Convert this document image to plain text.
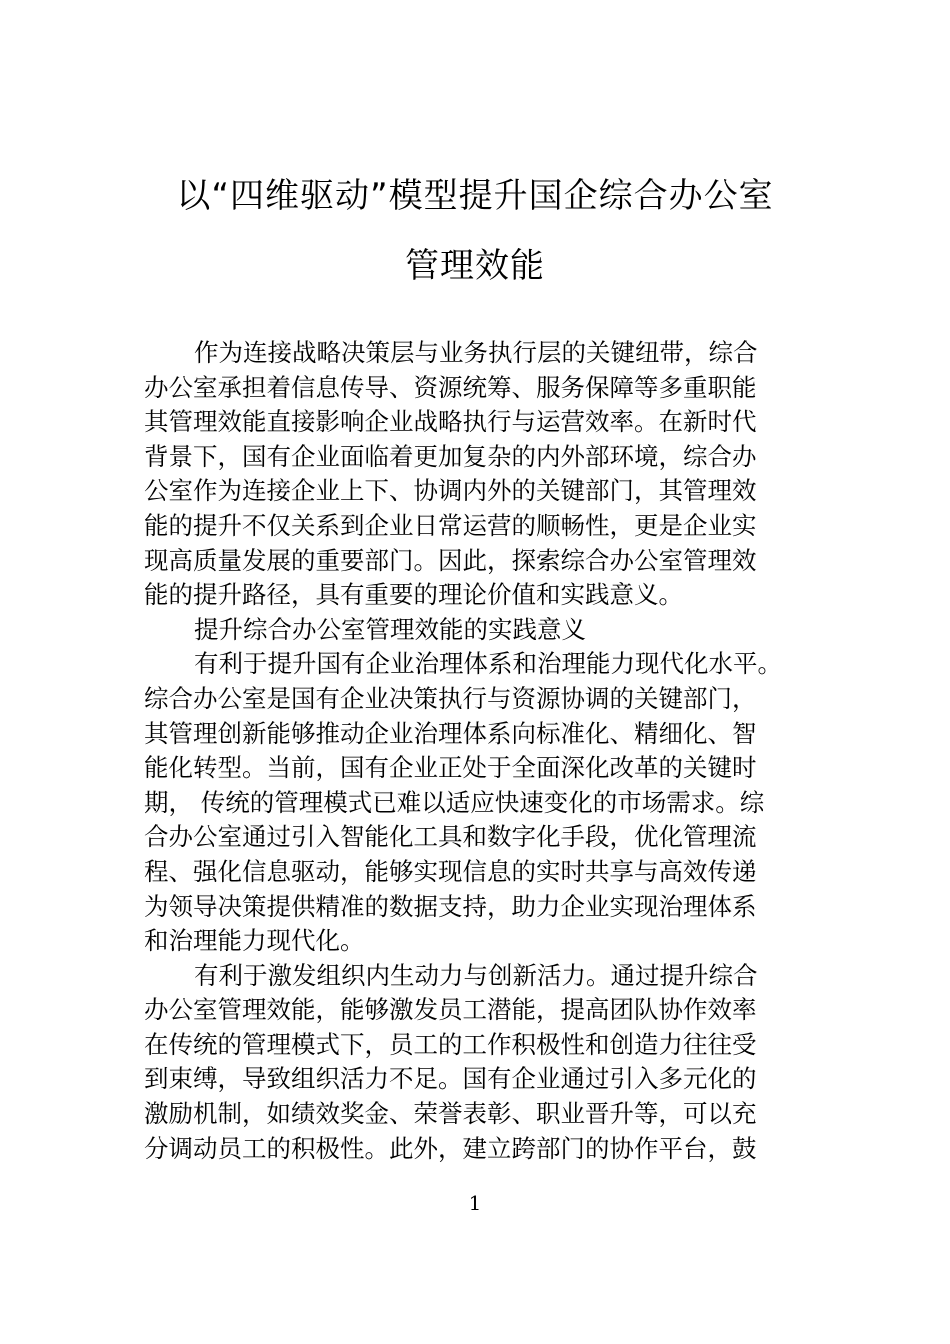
以“四维驱动”模型提升国企综合办公室
管理效能
作为连接战略决策层与业务执行层的关键纽带，综合
办公室承担着信息传导、资源统筹、服务保障等多重职能
其管理效能直接影响企业战略执行与运营效率。在新时代
背景下，国有企业面临着更加复杂的内外部环境，综合办
公室作为连接企业上下、协调内外的关键部门，其管理效
能的提升不仅关系到企业日常运营的顺畅性，更是企业实
现高质量发展的重要部门。因此，探索综合办公室管理效
能的提升路径，具有重要的理论价值和实践意义。
提升综合办公室管理效能的实践意义
有利于提升国有企业治理体系和治理能力现代化水平。
综合办公室是国有企业决策执行与资源协调的关键部门，
其管理创新能够推动企业治理体系向标准化、精细化、智
能化转型。当前，国有企业正处于全面深化改革的关键时
期， 传统的管理模式已难以适应快速变化的市场需求。综
合办公室通过引入智能化工具和数字化手段，优化管理流
程、强化信息驱动，能够实现信息的实时共享与高效传递
为领导决策提供精准的数据支持，助力企业实现治理体系
和治理能力现代化。
有利于激发组织内生动力与创新活力。通过提升综合
办公室管理效能，能够激发员工潜能，提高团队协作效率
在传统的管理模式下，员工的工作积极性和创造力往往受
到束缚，导致组织活力不足。国有企业通过引入多元化的
激励机制，如绩效奖金、荣誉表彰、职业晋升等，可以充
分调动员工的积极性。此外，建立跨部门的协作平台，鼓
1
